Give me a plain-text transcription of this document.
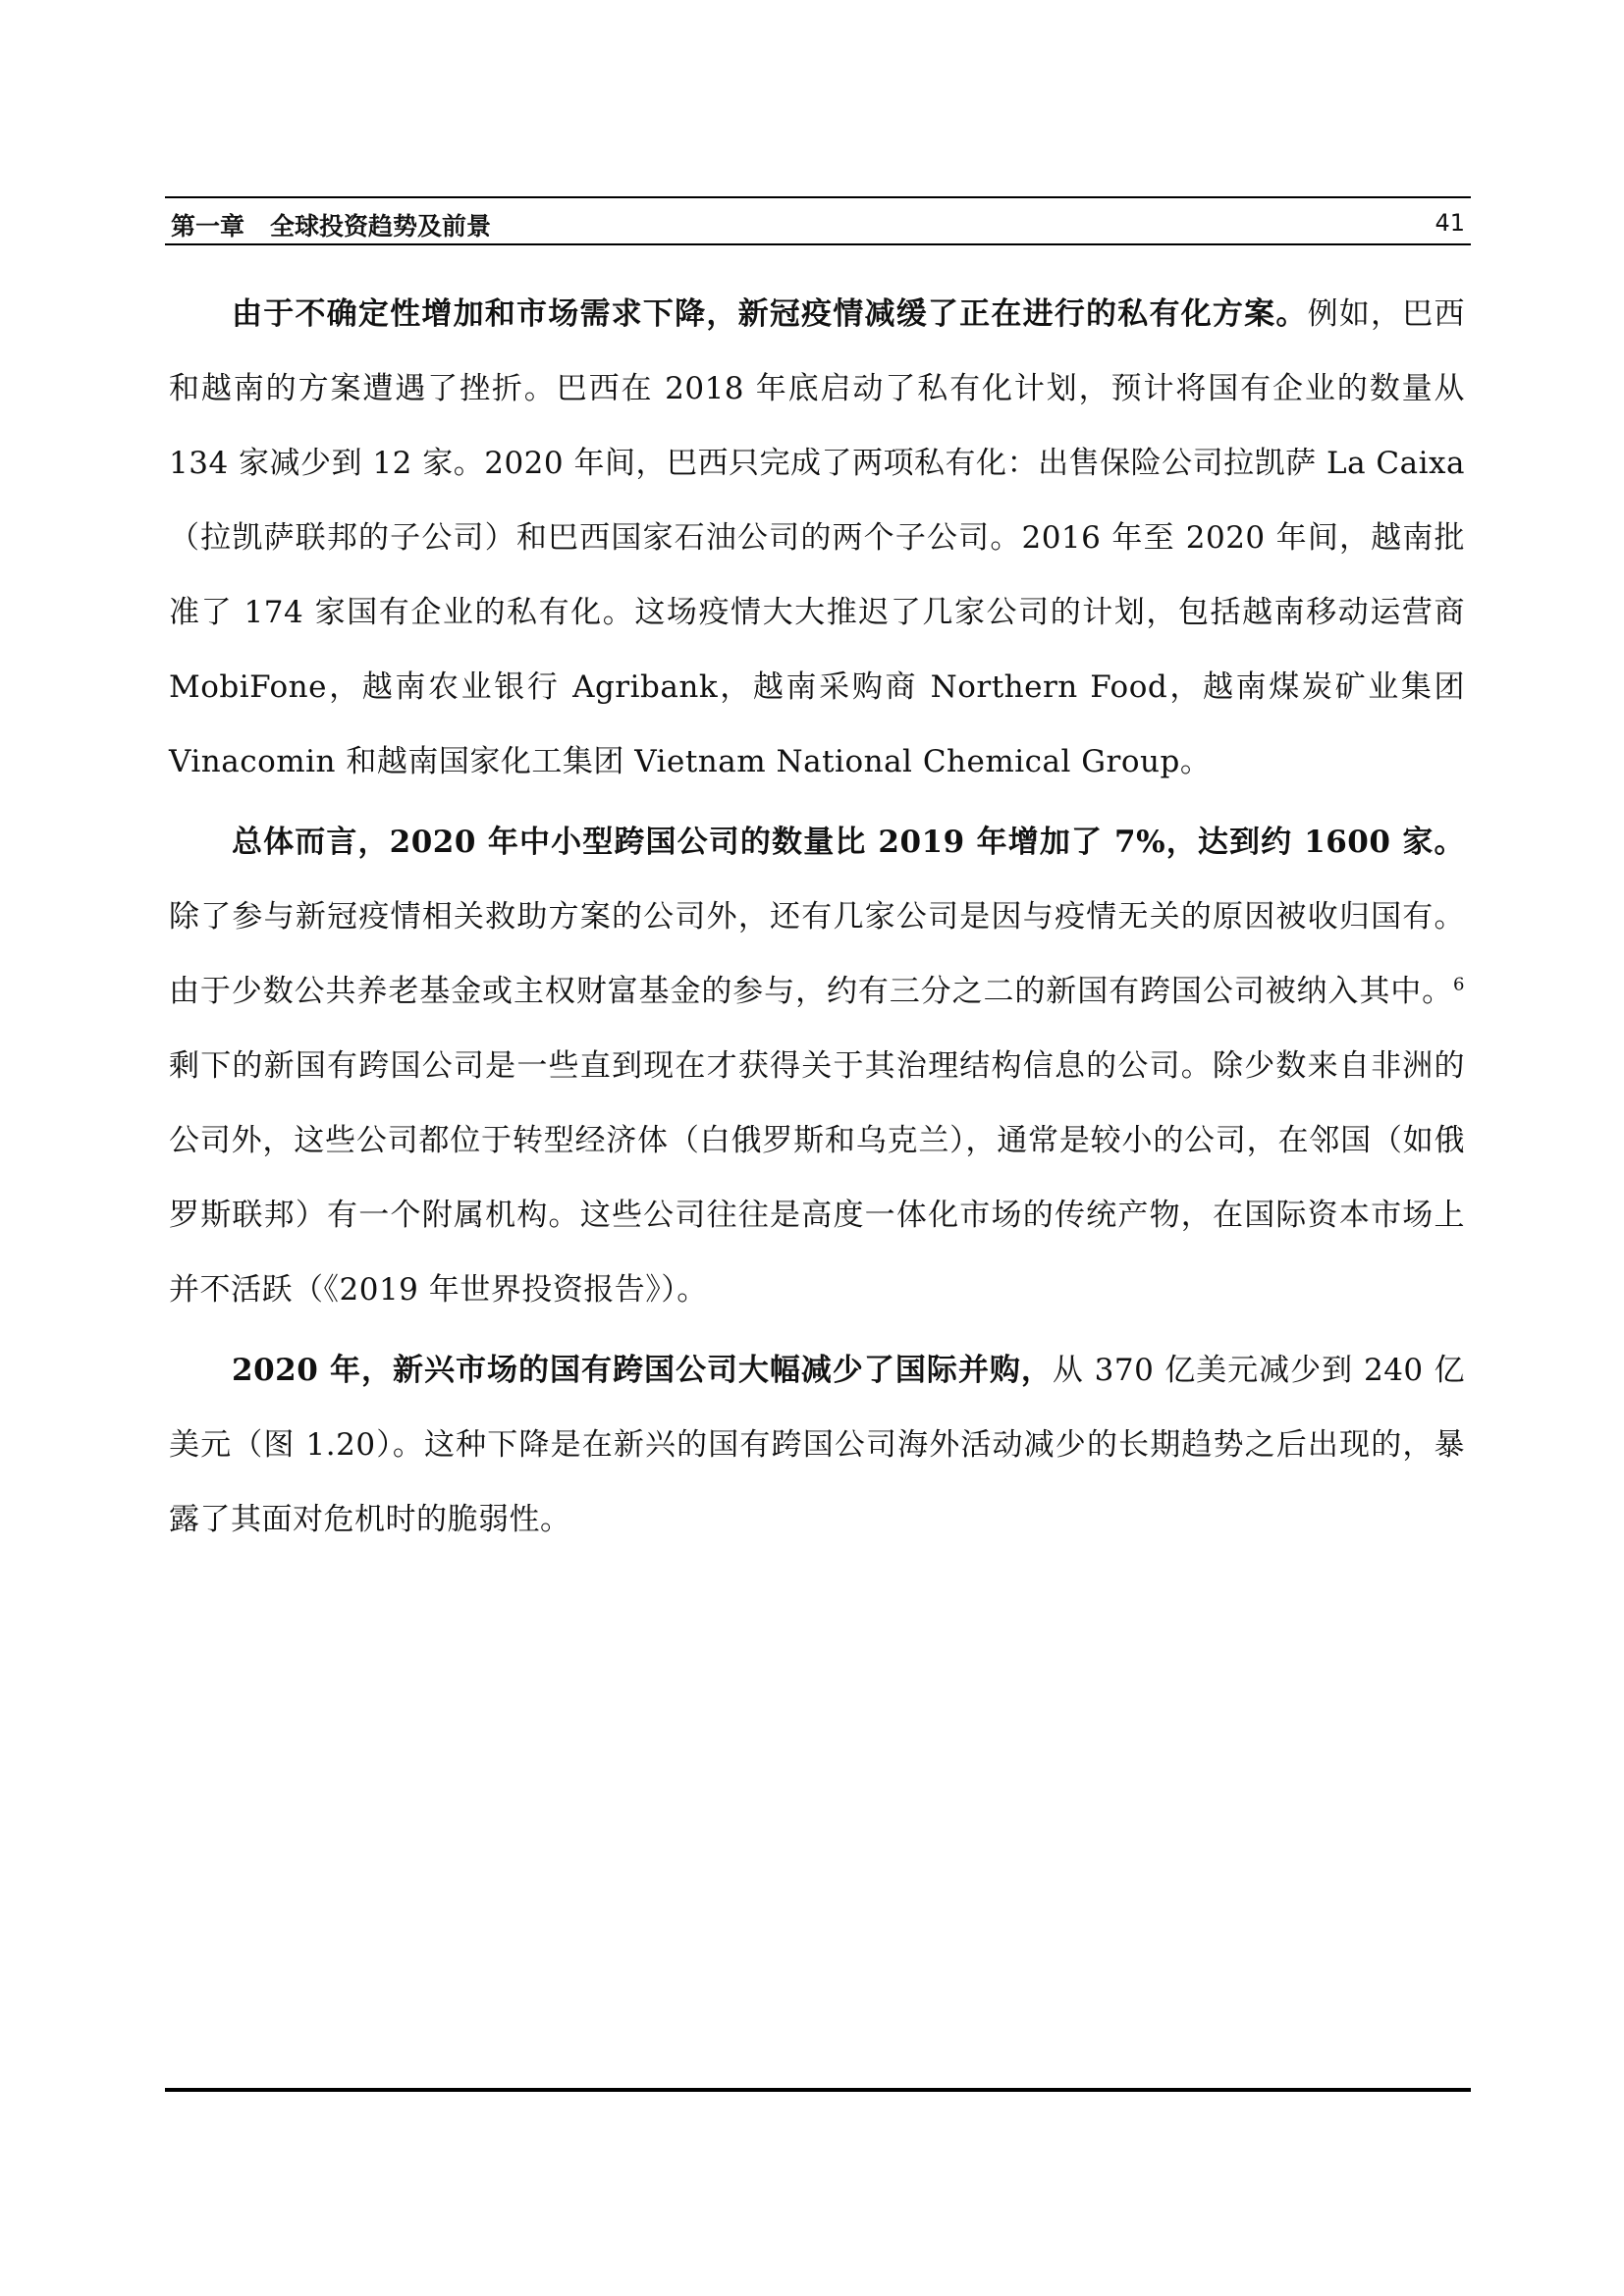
第一章 全球投资趋势及前景	41

由于不确定性增加和市场需求下降，新冠疫情减缓了正在进行的私有化方案。例如，巴西和越南的方案遭遇了挫折。巴西在 2018 年底启动了私有化计划，预计将国有企业的数量从 134 家减少到 12 家。2020 年间，巴西只完成了两项私有化：出售保险公司拉凯萨 La Caixa（拉凯萨联邦的子公司）和巴西国家石油公司的两个子公司。2016 年至 2020 年间，越南批准了 174 家国有企业的私有化。这场疫情大大推迟了几家公司的计划，包括越南移动运营商 MobiFone，越南农业银行 Agribank，越南采购商 Northern Food，越南煤炭矿业集团 Vinacomin 和越南国家化工集团 Vietnam National Chemical Group。

总体而言，2020 年中小型跨国公司的数量比 2019 年增加了 7%，达到约 1600 家。除了参与新冠疫情相关救助方案的公司外，还有几家公司是因与疫情无关的原因被收归国有。由于少数公共养老基金或主权财富基金的参与，约有三分之二的新国有跨国公司被纳入其中。$^6$剩下的新国有跨国公司是一些直到现在才获得关于其治理结构信息的公司。除少数来自非洲的公司外，这些公司都位于转型经济体（白俄罗斯和乌克兰），通常是较小的公司，在邻国（如俄罗斯联邦）有一个附属机构。这些公司往往是高度一体化市场的传统产物，在国际资本市场上并不活跃（《2019 年世界投资报告》）。

2020 年，新兴市场的国有跨国公司大幅减少了国际并购，从 370 亿美元减少到 240 亿美元（图 1.20）。这种下降是在新兴的国有跨国公司海外活动减少的长期趋势之后出现的，暴露了其面对危机时的脆弱性。
